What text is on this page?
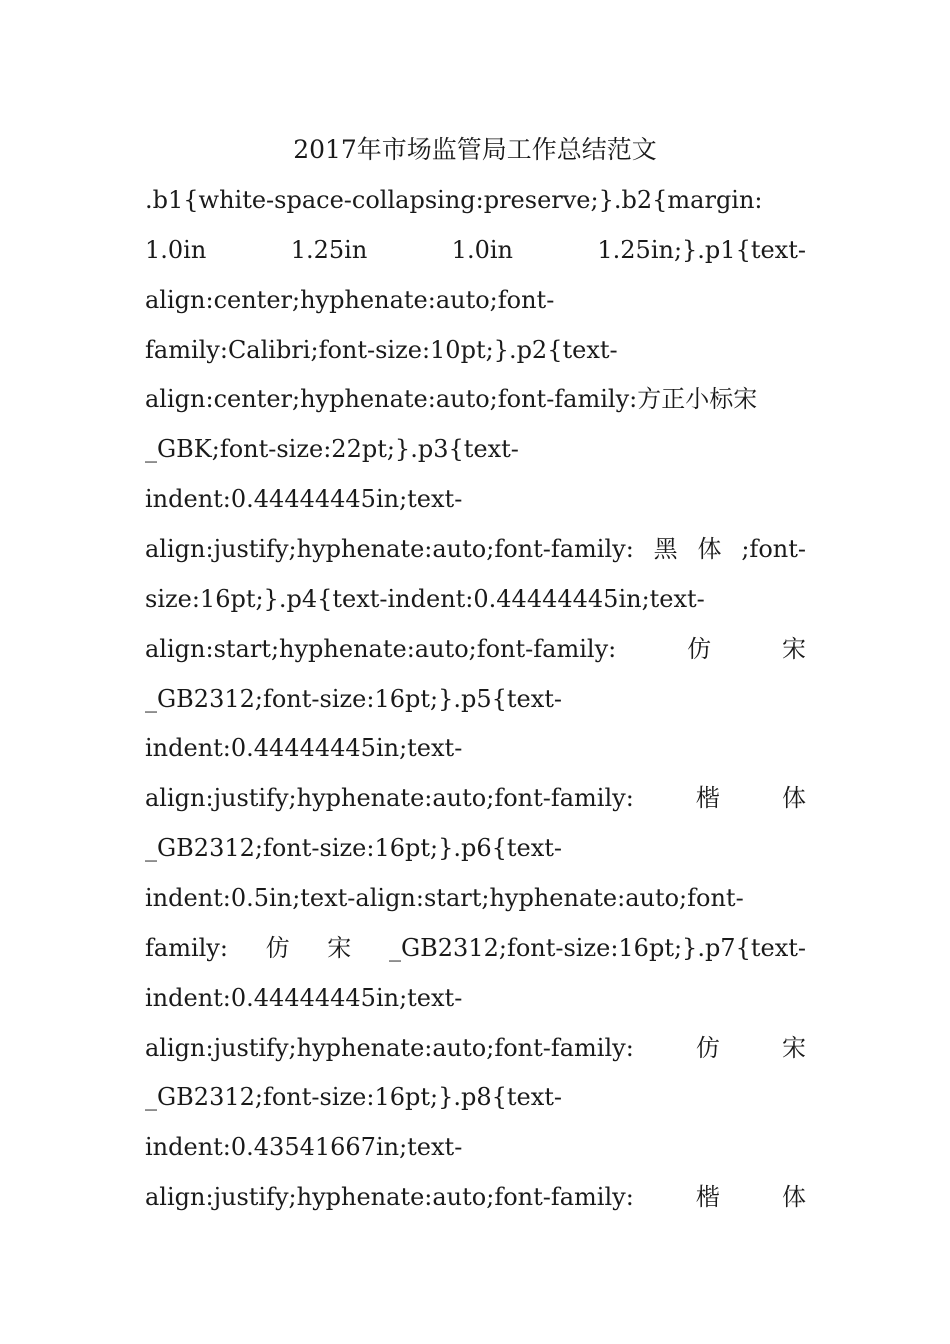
2017年市场监管局工作总结范文
.b1{white-space-collapsing:preserve;}.b2{margin:
1.0in	1.25in	1.0in	1.25in;}.p1{text-
align:center;hyphenate:auto;font-
family:Calibri;font-size:10pt;}.p2{text-
align:center;hyphenate:auto;font-family:方正小标宋
_GBK;font-size:22pt;}.p3{text-
indent:0.44444445in;text-
align:justify;hyphenate:auto;font-family: 黑 体 ;font-
size:16pt;}.p4{text-indent:0.44444445in;text-
align:start;hyphenate:auto;font-family:	仿	宋
_GB2312;font-size:16pt;}.p5{text-
indent:0.44444445in;text-
align:justify;hyphenate:auto;font-family:	楷	体
_GB2312;font-size:16pt;}.p6{text-
indent:0.5in;text-align:start;hyphenate:auto;font-
family: 仿 宋 _GB2312;font-size:16pt;}.p7{text-
indent:0.44444445in;text-
align:justify;hyphenate:auto;font-family:	仿	宋
_GB2312;font-size:16pt;}.p8{text-
indent:0.43541667in;text-
align:justify;hyphenate:auto;font-family:	楷	体
